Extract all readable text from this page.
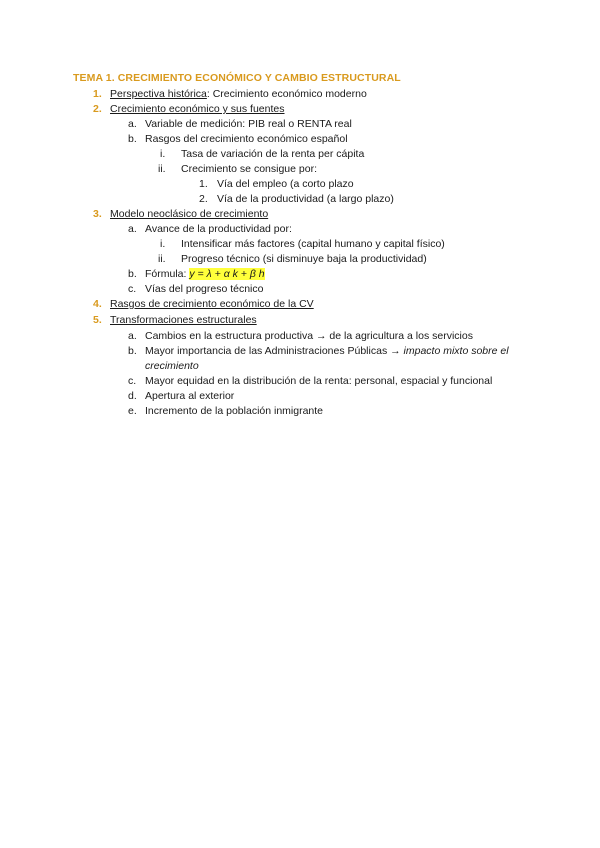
TEMA 1. CRECIMIENTO ECONÓMICO Y CAMBIO ESTRUCTURAL
1. Perspectiva histórica: Crecimiento económico moderno
2. Crecimiento económico y sus fuentes
a. Variable de medición: PIB real o RENTA real
b. Rasgos del crecimiento económico español
i. Tasa de variación de la renta per cápita
ii. Crecimiento se consigue por:
1. Vía del empleo (a corto plazo
2. Vía de la productividad (a largo plazo)
3. Modelo neoclásico de crecimiento
a. Avance de la productividad por:
i. Intensificar más factores (capital humano y capital físico)
ii. Progreso técnico (si disminuye baja la productividad)
b. Fórmula: y = λ + α k + β h
c. Vías del progreso técnico
4. Rasgos de crecimiento económico de la CV
5. Transformaciones estructurales
a. Cambios en la estructura productiva → de la agricultura a los servicios
b. Mayor importancia de las Administraciones Públicas → impacto mixto sobre el
crecimiento
c. Mayor equidad en la distribución de la renta: personal, espacial y funcional
d. Apertura al exterior
e. Incremento de la población inmigrante
